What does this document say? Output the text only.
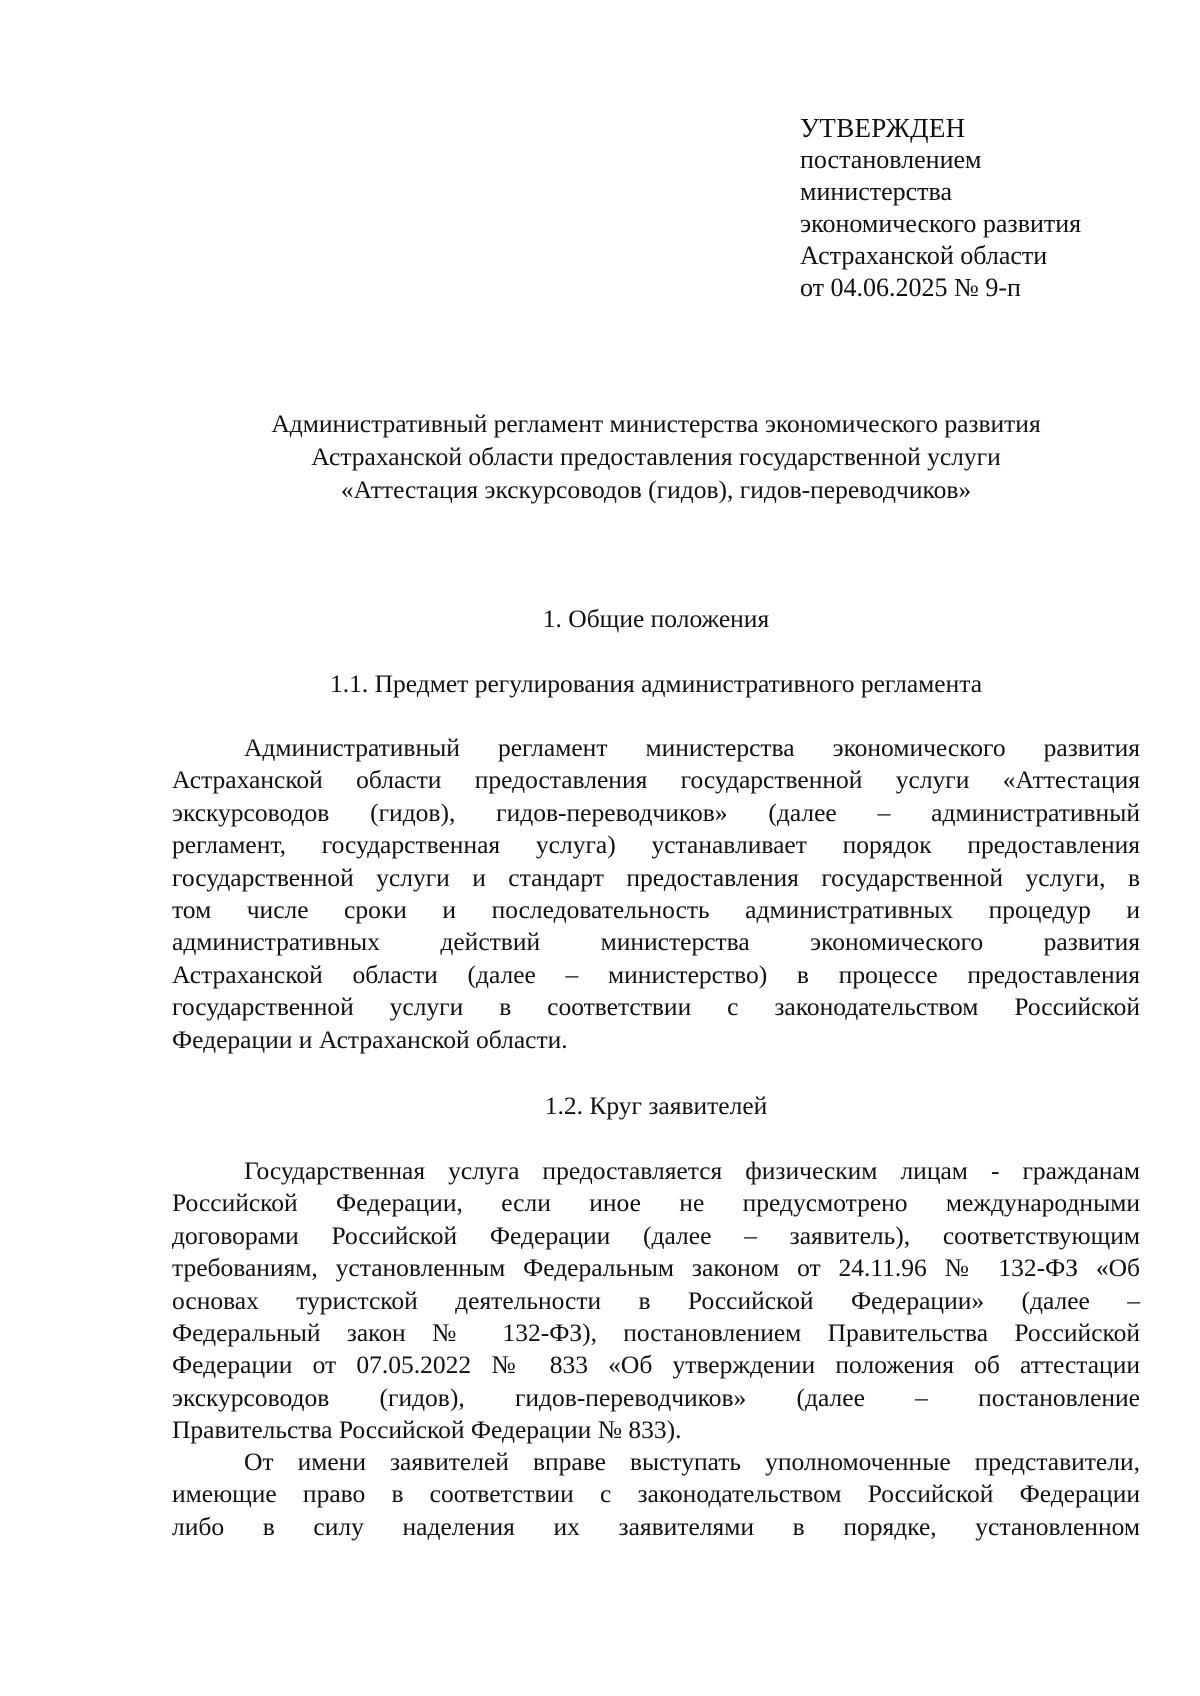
УТВЕРЖДЕН
постановлением
министерства
экономического развития
Астраханской области
от 04.06.2025 № 9-п
Административный регламент министерства экономического развития
Астраханской области предоставления государственной услуги
«Аттестация экскурсоводов (гидов), гидов-переводчиков»
1. Общие положения
1.1. Предмет регулирования административного регламента
Административный регламент министерства экономического развития
Астраханской области предоставления государственной услуги «Аттестация
экскурсоводов (гидов), гидов-переводчиков» (далее – административный
регламент, государственная услуга) устанавливает порядок предоставления
государственной услуги и стандарт предоставления государственной услуги, в
том числе сроки и последовательность административных процедур и
административных действий министерства экономического развития
Астраханской области (далее – министерство) в процессе предоставления
государственной услуги в соответствии с законодательством Российской
Федерации и Астраханской области.
1.2. Круг заявителей
Государственная услуга предоставляется физическим лицам - гражданам
Российской Федерации, если иное не предусмотрено международными
договорами Российской Федерации (далее – заявитель), соответствующим
требованиям, установленным Федеральным законом от 24.11.96 № 132-ФЗ «Об
основах туристской деятельности в Российской Федерации» (далее –
Федеральный закон № 132-ФЗ), постановлением Правительства Российской
Федерации от 07.05.2022 № 833 «Об утверждении положения об аттестации
экскурсоводов (гидов), гидов-переводчиков» (далее – постановление
Правительства Российской Федерации № 833).
От имени заявителей вправе выступать уполномоченные представители,
имеющие право в соответствии с законодательством Российской Федерации
либо в силу наделения их заявителями в порядке, установленном
